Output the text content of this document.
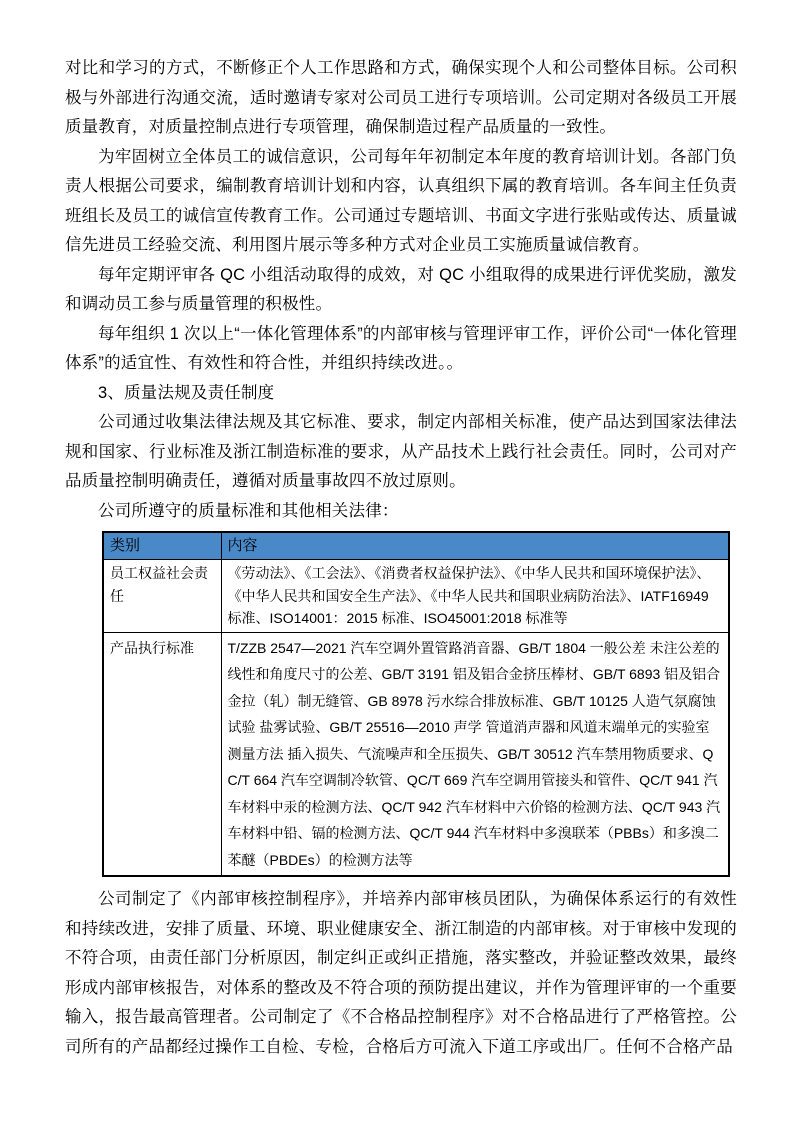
对比和学习的方式，不断修正个人工作思路和方式，确保实现个人和公司整体目标。公司积极与外部进行沟通交流，适时邀请专家对公司员工进行专项培训。公司定期对各级员工开展质量教育，对质量控制点进行专项管理，确保制造过程产品质量的一致性。

为牢固树立全体员工的诚信意识，公司每年年初制定本年度的教育培训计划。各部门负责人根据公司要求，编制教育培训计划和内容，认真组织下属的教育培训。各车间主任负责班组长及员工的诚信宣传教育工作。公司通过专题培训、书面文字进行张贴或传达、质量诚信先进员工经验交流、利用图片展示等多种方式对企业员工实施质量诚信教育。

每年定期评审各 QC 小组活动取得的成效，对 QC 小组取得的成果进行评优奖励，激发和调动员工参与质量管理的积极性。

每年组织 1 次以上“一体化管理体系”的内部审核与管理评审工作，评价公司“一体化管理体系”的适宜性、有效性和符合性，并组织持续改进。。

3、质量法规及责任制度

公司通过收集法律法规及其它标准、要求，制定内部相关标准，使产品达到国家法律法规和国家、行业标准及浙江制造标准的要求，从产品技术上践行社会责任。同时，公司对产品质量控制明确责任，遵循对质量事故四不放过原则。

公司所遵守的质量标准和其他相关法律：

类别	内容
员工权益社会责任	《劳动法》、《工会法》、《消费者权益保护法》、《中华人民共和国环境保护法》、《中华人民共和国安全生产法》、《中华人民共和国职业病防治法》、IATF16949 标准、ISO14001：2015 标准、ISO45001:2018 标准等
产品执行标准	T/ZZB 2547—2021 汽车空调外置管路消音器、GB/T 1804 一般公差 未注公差的线性和角度尺寸的公差、GB/T 3191 铝及铝合金挤压棒材、GB/T 6893 铝及铝合金拉（轧）制无缝管、GB 8978 污水综合排放标准、GB/T 10125 人造气氛腐蚀试验 盐雾试验、GB/T 25516—2010 声学 管道消声器和风道末端单元的实验室测量方法 插入损失、气流噪声和全压损失、GB/T 30512 汽车禁用物质要求、QC/T 664 汽车空调制冷软管、QC/T 669 汽车空调用管接头和管件、QC/T 941 汽车材料中汞的检测方法、QC/T 942 汽车材料中六价铬的检测方法、QC/T 943 汽车材料中铅、镉的检测方法、QC/T 944 汽车材料中多溴联苯（PBBs）和多溴二苯醚（PBDEs）的检测方法等

公司制定了《内部审核控制程序》，并培养内部审核员团队，为确保体系运行的有效性和持续改进，安排了质量、环境、职业健康安全、浙江制造的内部审核。对于审核中发现的不符合项，由责任部门分析原因，制定纠正或纠正措施，落实整改，并验证整改效果，最终形成内部审核报告，对体系的整改及不符合项的预防提出建议，并作为管理评审的一个重要输入，报告最高管理者。公司制定了《不合格品控制程序》对不合格品进行了严格管控。公司所有的产品都经过操作工自检、专检，合格后方可流入下道工序或出厂。任何不合格产品
